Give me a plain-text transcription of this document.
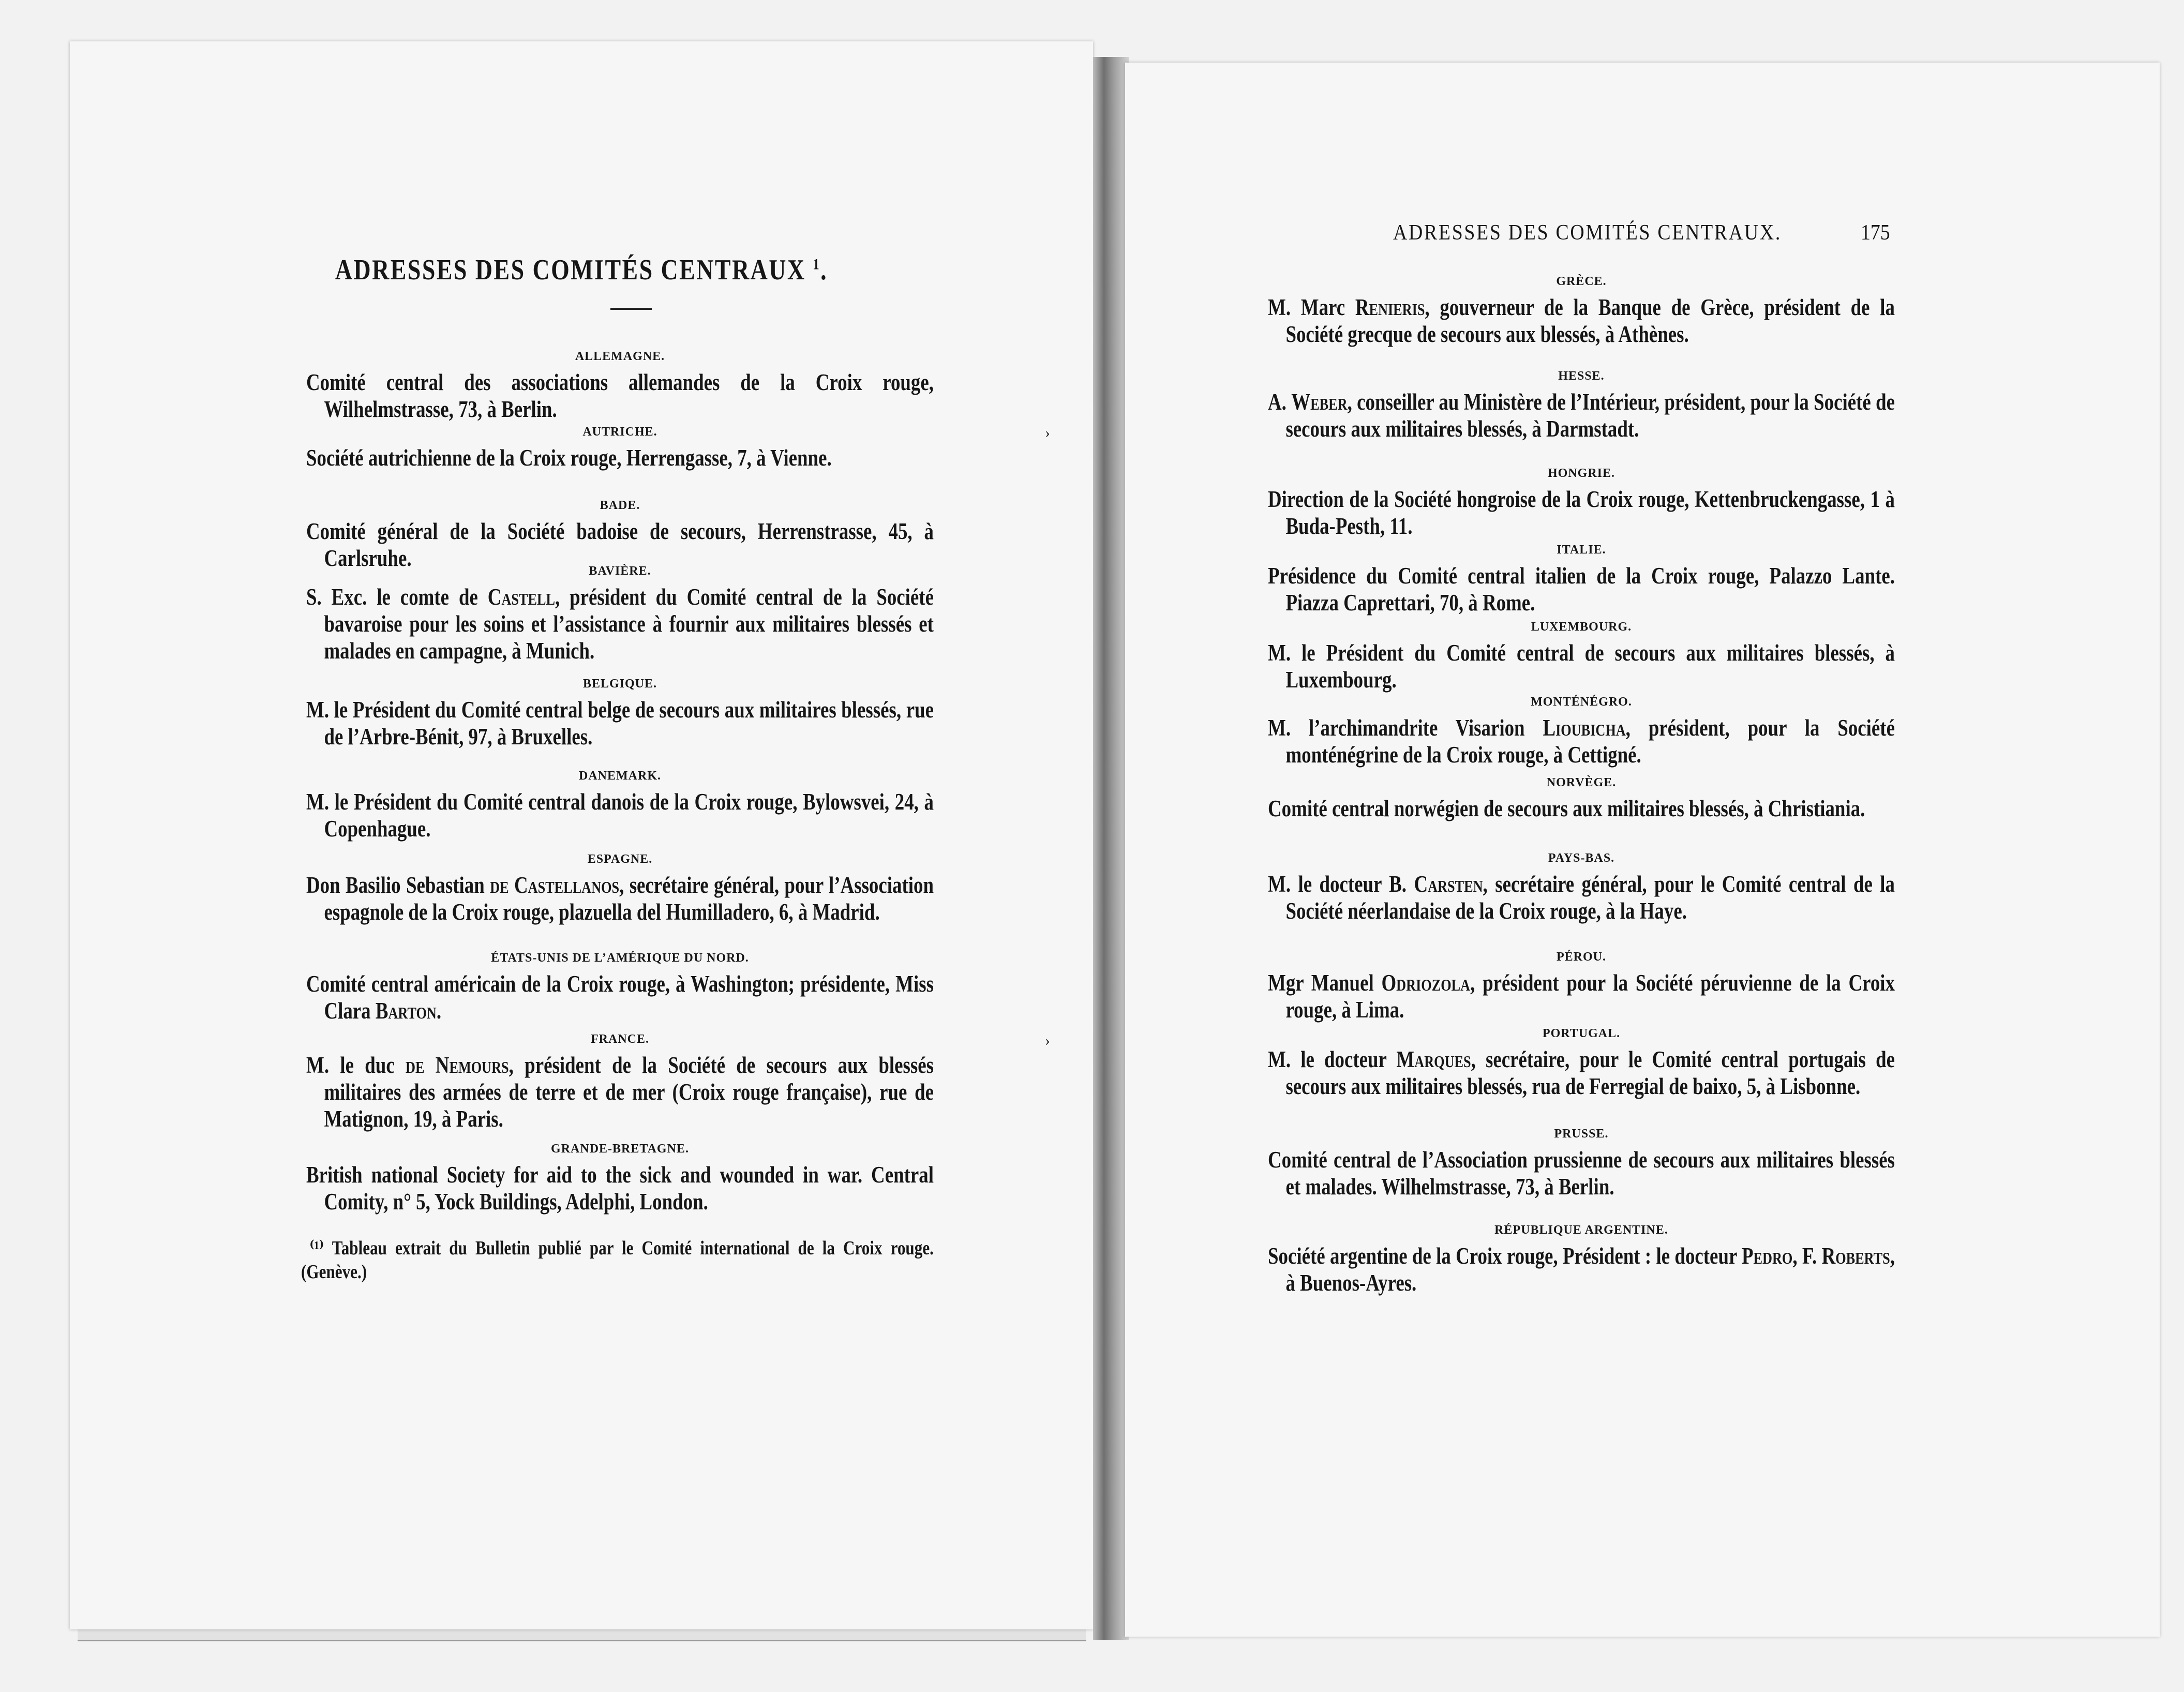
ADRESSES DES COMITÉS CENTRAUX $^1$.
ALLEMAGNE.
Comité central des associations allemandes de la Croix rouge, Wilhelmstrasse, 73, à Berlin.
AUTRICHE.
Société autrichienne de la Croix rouge, Herrengasse, 7, à Vienne.
BADE.
Comité général de la Société badoise de secours, Herrenstrasse, 45, à Carlsruhe.	BAVIÈRE.
S. Exc. le comte de Castell, président du Comité central de la Société bavaroise pour les soins et l’assistance à fournir aux militaires blessés et malades en campagne, à Munich.
BELGIQUE.
M. le Président du Comité central belge de secours aux militaires blessés, rue de l’Arbre-Bénit, 97, à Bruxelles.
DANEMARK.
M. le Président du Comité central danois de la Croix rouge, Bylowsvei, 24, à Copenhague.
ESPAGNE.
Don Basilio Sebastian de Castellanos, secrétaire général, pour l’Association espagnole de la Croix rouge, plazuella del Humilladero, 6, à Madrid.
ÉTATS-UNIS DE L’AMÉRIQUE DU NORD.
Comité central américain de la Croix rouge, à Washington; présidente, Miss Clara Barton.
FRANCE.
M. le duc de Nemours, président de la Société de secours aux blessés militaires des armées de terre et de mer (Croix rouge française), rue de Matignon, 19, à Paris.
GRANDE-BRETAGNE.
British national Society for aid to the sick and wounded in war. Central Comity, n° 5, Yock Buildings, Adelphi, London.
⁽¹⁾ Tableau extrait du Bulletin publié par le Comité international de la Croix rouge. (Genève.)
ADRESSES DES COMITÉS CENTRAUX.	175
GRÈCE.
M. Marc Renieris, gouverneur de la Banque de Grèce, président de la Société grecque de secours aux blessés, à Athènes.
HESSE.
A. Weber, conseiller au Ministère de l’Intérieur, président, pour la Société de secours aux militaires blessés, à Darmstadt.
HONGRIE.
Direction de la Société hongroise de la Croix rouge, Kettenbruckengasse, 1 à Buda-Pesth, 11.
ITALIE.
Présidence du Comité central italien de la Croix rouge, Palazzo Lante. Piazza Caprettari, 70, à Rome.
LUXEMBOURG.
M. le Président du Comité central de secours aux militaires blessés, à Luxembourg.
MONTÉNÉGRO.
M. l’archimandrite Visarion Lioubicha, président, pour la Société monténégrine de la Croix rouge, à Cettigné.
NORVÈGE.
Comité central norwégien de secours aux militaires blessés, à Christiania.
PAYS-BAS.
M. le docteur B. Carsten, secrétaire général, pour le Comité central de la Société néerlandaise de la Croix rouge, à la Haye.
PÉROU.
Mgr Manuel Odriozola, président pour la Société péruvienne de la Croix rouge, à Lima.
PORTUGAL.
M. le docteur Marques, secrétaire, pour le Comité central portugais de secours aux militaires blessés, rua de Ferregial de baixo, 5, à Lisbonne.
PRUSSE.
Comité central de l’Association prussienne de secours aux militaires blessés et malades. Wilhelmstrasse, 73, à Berlin.
RÉPUBLIQUE ARGENTINE.
Société argentine de la Croix rouge, Président : le docteur Pedro, F. Roberts, à Buenos-Ayres.
›
›
